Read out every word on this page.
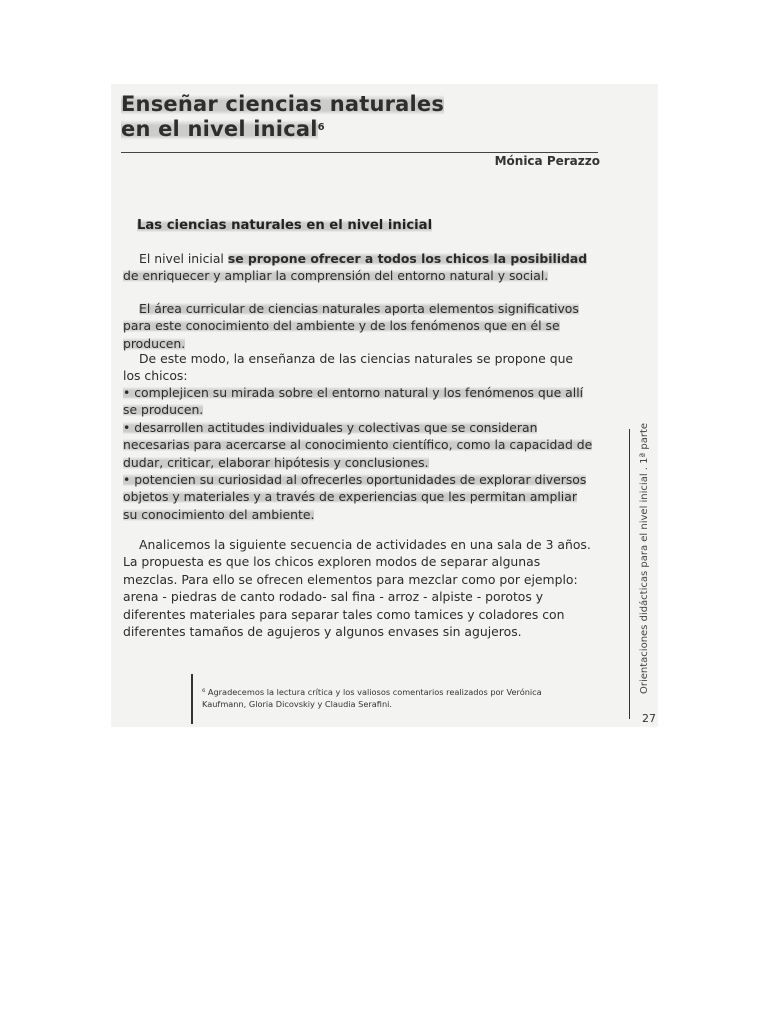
Enseñar ciencias naturales
en el nivel inical$^6$
Mónica Perazzo
Las ciencias naturales en el nivel inicial

El nivel inicial se propone ofrecer a todos los chicos la posibilidad de enriquecer y ampliar la comprensión del entorno natural y social.

El área curricular de ciencias naturales aporta elementos significativos para este conocimiento del ambiente y de los fenómenos que en él se producen.

De este modo, la enseñanza de las ciencias naturales se propone que los chicos:

• complejicen su mirada sobre el entorno natural y los fenómenos que allí se producen.
• desarrollen actitudes individuales y colectivas que se consideran necesarias para acercarse al conocimiento científico, como la capacidad de dudar, criticar, elaborar hipótesis y conclusiones.
• potencien su curiosidad al ofrecerles oportunidades de explorar diversos objetos y materiales y a través de experiencias que les permitan ampliar su conocimiento del ambiente.

Analicemos la siguiente secuencia de actividades en una sala de 3 años. La propuesta es que los chicos exploren modos de separar algunas mezclas. Para ello se ofrecen elementos para mezclar como por ejemplo: arena - piedras de canto rodado- sal fina - arroz - alpiste - porotos y diferentes materiales para separar tales como tamices y coladores con diferentes tamaños de agujeros y algunos envases sin agujeros.

⁶ Agradecemos la lectura crítica y los valiosos comentarios realizados por Verónica Kaufmann, Gloria Dicovskiy y Claudia Serafini.

Orientaciones didácticas para el nivel inicial . 1ª parte
27
